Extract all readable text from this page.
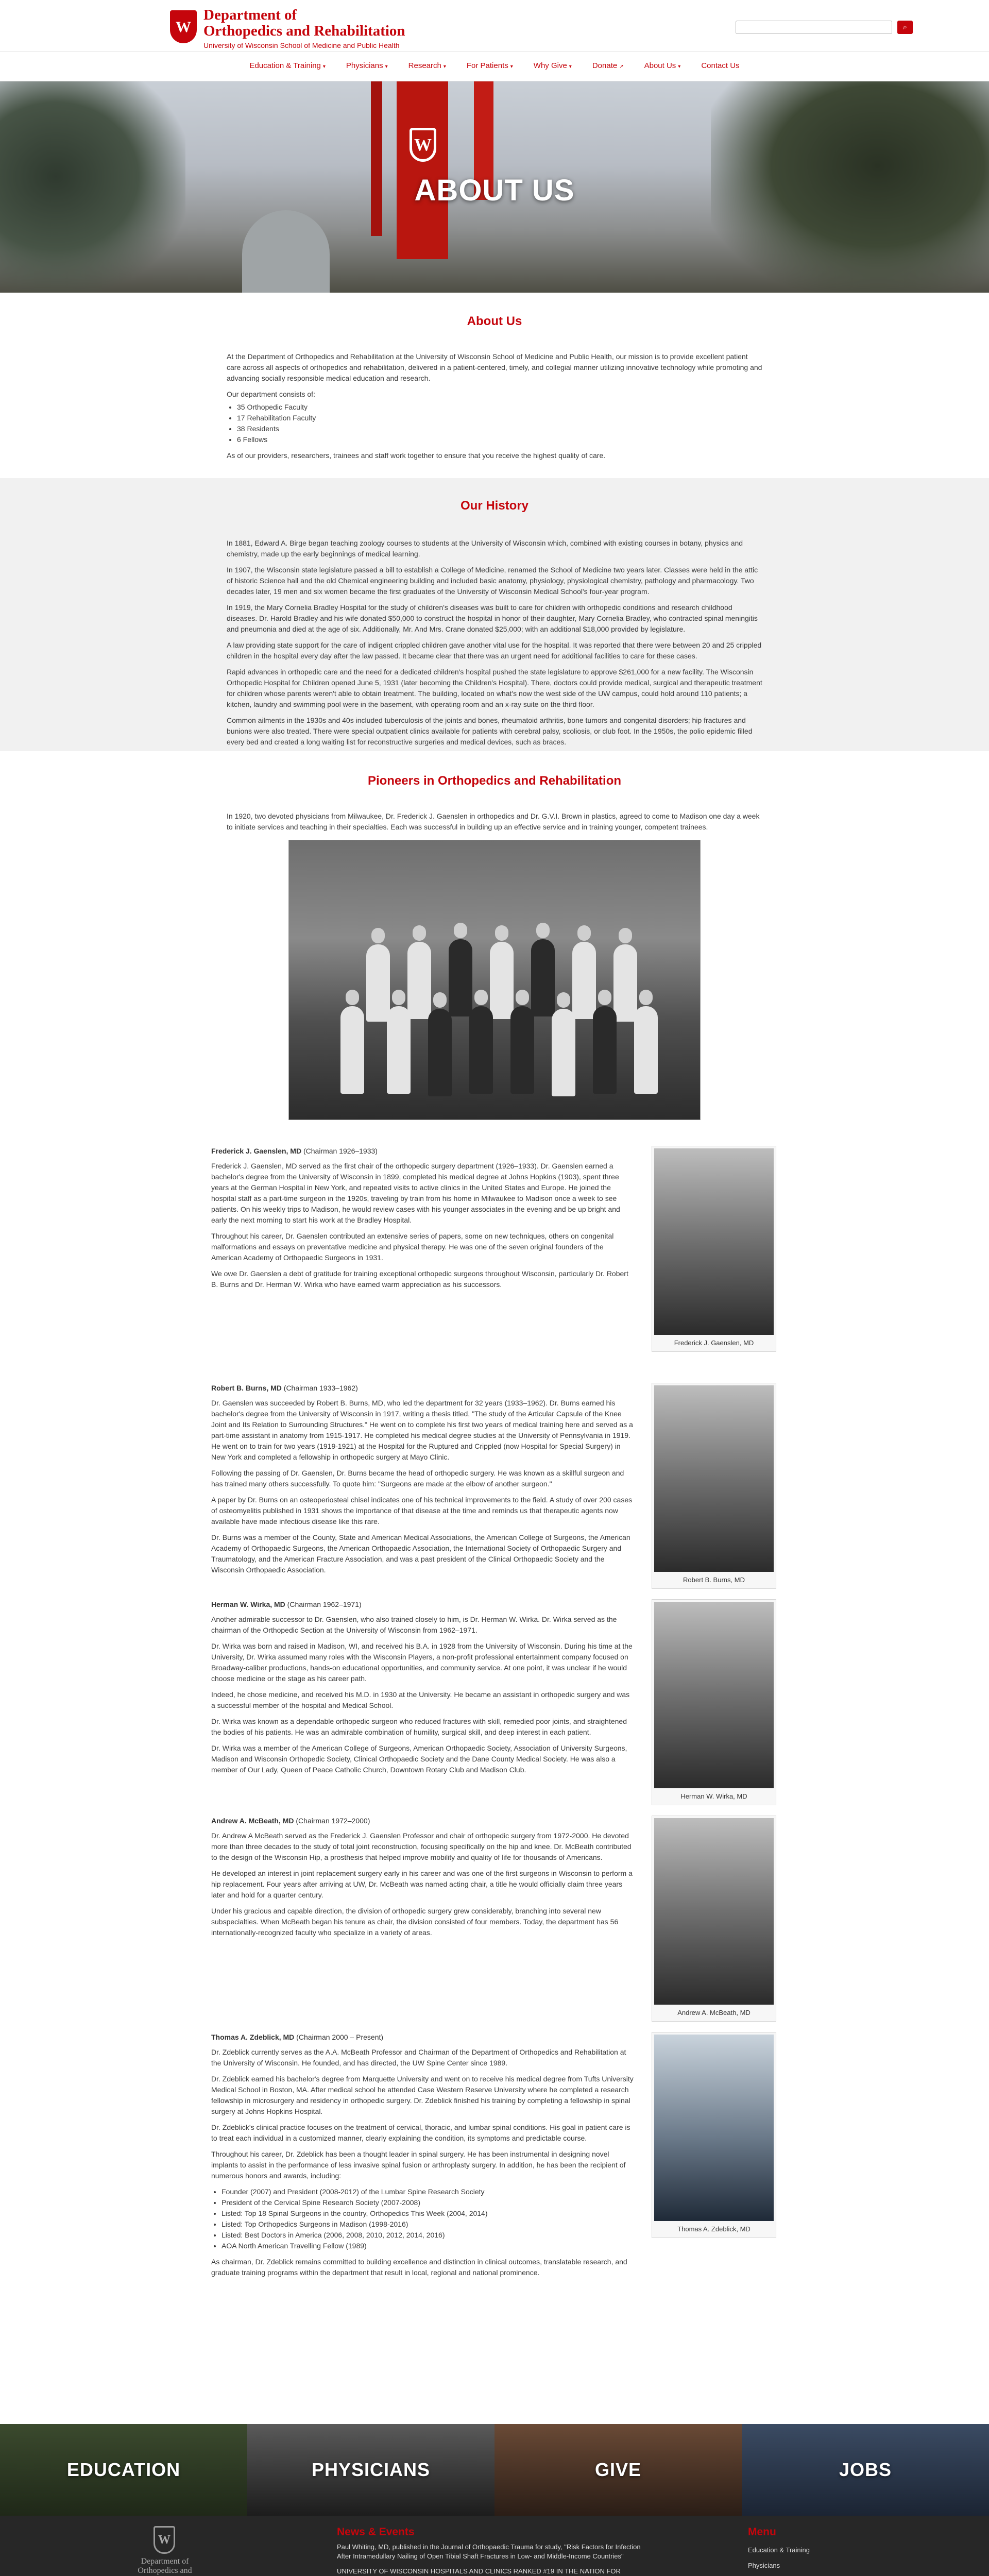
W
Department of
Orthopedics and Rehabilitation
University of Wisconsin School of Medicine and Public Health
⌕
Education & Training ▾	Physicians ▾	Research ▾	For Patients ▾	Why Give ▾	Donate ↗	About Us ▾	Contact Us
W
ABOUT US
About Us

At the Department of Orthopedics and Rehabilitation at the University of Wisconsin School of Medicine and Public Health, our mission is to provide excellent patient care across all aspects of orthopedics and rehabilitation, delivered in a patient-centered, timely, and collegial manner utilizing innovative technology while promoting and advancing socially responsible medical education and research.

Our department consists of:

• 35 Orthopedic Faculty
• 17 Rehabilitation Faculty
• 38 Residents
• 6 Fellows

As of our providers, researchers, trainees and staff work together to ensure that you receive the highest quality of care.

Our History

In 1881, Edward A. Birge began teaching zoology courses to students at the University of Wisconsin which, combined with existing courses in botany, physics and chemistry, made up the early beginnings of medical learning.

In 1907, the Wisconsin state legislature passed a bill to establish a College of Medicine, renamed the School of Medicine two years later. Classes were held in the attic of historic Science hall and the old Chemical engineering building and included basic anatomy, physiology, physiological chemistry, pathology and pharmacology. Two decades later, 19 men and six women became the first graduates of the University of Wisconsin Medical School's four-year program.

In 1919, the Mary Cornelia Bradley Hospital for the study of children's diseases was built to care for children with orthopedic conditions and research childhood diseases. Dr. Harold Bradley and his wife donated $50,000 to construct the hospital in honor of their daughter, Mary Cornelia Bradley, who contracted spinal meningitis and pneumonia and died at the age of six. Additionally, Mr. And Mrs. Crane donated $25,000; with an additional $18,000 provided by legislature.

A law providing state support for the care of indigent crippled children gave another vital use for the hospital. It was reported that there were between 20 and 25 crippled children in the hospital every day after the law passed. It became clear that there was an urgent need for additional facilities to care for these cases.

Rapid advances in orthopedic care and the need for a dedicated children's hospital pushed the state legislature to approve $261,000 for a new facility. The Wisconsin Orthopedic Hospital for Children opened June 5, 1931 (later becoming the Children's Hospital). There, doctors could provide medical, surgical and therapeutic treatment for children whose parents weren't able to obtain treatment. The building, located on what's now the west side of the UW campus, could hold around 110 patients; a kitchen, laundry and swimming pool were in the basement, with operating room and an x-ray suite on the third floor.

Common ailments in the 1930s and 40s included tuberculosis of the joints and bones, rheumatoid arthritis, bone tumors and congenital disorders; hip fractures and bunions were also treated. There were special outpatient clinics available for patients with cerebral palsy, scoliosis, or club foot. In the 1950s, the polio epidemic filled every bed and created a long waiting list for reconstructive surgeries and medical devices, such as braces.

Pioneers in Orthopedics and Rehabilitation

In 1920, two devoted physicians from Milwaukee, Dr. Frederick J. Gaenslen in orthopedics and Dr. G.V.I. Brown in plastics, agreed to come to Madison one day a week to initiate services and teaching in their specialties. Each was successful in building up an effective service and in training younger, competent trainees.

Frederick J. Gaenslen, MD (Chairman 1926–1933)

Frederick J. Gaenslen, MD served as the first chair of the orthopedic surgery department (1926–1933). Dr. Gaenslen earned a bachelor's degree from the University of Wisconsin in 1899, completed his medical degree at Johns Hopkins (1903), spent three years at the German Hospital in New York, and repeated visits to active clinics in the United States and Europe. He joined the hospital staff as a part-time surgeon in the 1920s, traveling by train from his home in Milwaukee to Madison once a week to see patients. On his weekly trips to Madison, he would review cases with his younger associates in the evening and be up bright and early the next morning to start his work at the Bradley Hospital.

Throughout his career, Dr. Gaenslen contributed an extensive series of papers, some on new techniques, others on congenital malformations and essays on preventative medicine and physical therapy. He was one of the seven original founders of the American Academy of Orthopaedic Surgeons in 1931.

We owe Dr. Gaenslen a debt of gratitude for training exceptional orthopedic surgeons throughout Wisconsin, particularly Dr. Robert B. Burns and Dr. Herman W. Wirka who have earned warm appreciation as his successors.

Frederick J. Gaenslen, MD
Robert B. Burns, MD (Chairman 1933–1962)

Dr. Gaenslen was succeeded by Robert B. Burns, MD, who led the department for 32 years (1933–1962). Dr. Burns earned his bachelor's degree from the University of Wisconsin in 1917, writing a thesis titled, "The study of the Articular Capsule of the Knee Joint and Its Relation to Surrounding Structures." He went on to complete his first two years of medical training here and served as a part-time assistant in anatomy from 1915-1917. He completed his medical degree studies at the University of Pennsylvania in 1919. He went on to train for two years (1919-1921) at the Hospital for the Ruptured and Crippled (now Hospital for Special Surgery) in New York and completed a fellowship in orthopedic surgery at Mayo Clinic.

Following the passing of Dr. Gaenslen, Dr. Burns became the head of orthopedic surgery. He was known as a skillful surgeon and has trained many others successfully. To quote him: "Surgeons are made at the elbow of another surgeon."

A paper by Dr. Burns on an osteoperiosteal chisel indicates one of his technical improvements to the field. A study of over 200 cases of osteomyelitis published in 1931 shows the importance of that disease at the time and reminds us that therapeutic agents now available have made infectious disease like this rare.

Dr. Burns was a member of the County, State and American Medical Associations, the American College of Surgeons, the American Academy of Orthopaedic Surgeons, the American Orthopaedic Association, the International Society of Orthopaedic Surgery and Traumatology, and the American Fracture Association, and was a past president of the Clinical Orthopaedic Society and the Wisconsin Orthopaedic Association.

Robert B. Burns, MD
Herman W. Wirka, MD (Chairman 1962–1971)

Another admirable successor to Dr. Gaenslen, who also trained closely to him, is Dr. Herman W. Wirka. Dr. Wirka served as the chairman of the Orthopedic Section at the University of Wisconsin from 1962–1971.

Dr. Wirka was born and raised in Madison, WI, and received his B.A. in 1928 from the University of Wisconsin. During his time at the University, Dr. Wirka assumed many roles with the Wisconsin Players, a non-profit professional entertainment company focused on Broadway-caliber productions, hands-on educational opportunities, and community service. At one point, it was unclear if he would choose medicine or the stage as his career path.

Indeed, he chose medicine, and received his M.D. in 1930 at the University. He became an assistant in orthopedic surgery and was a successful member of the hospital and Medical School.

Dr. Wirka was known as a dependable orthopedic surgeon who reduced fractures with skill, remedied poor joints, and straightened the bodies of his patients. He was an admirable combination of humility, surgical skill, and deep interest in each patient.

Dr. Wirka was a member of the American College of Surgeons, American Orthopaedic Society, Association of University Surgeons, Madison and Wisconsin Orthopedic Society, Clinical Orthopaedic Society and the Dane County Medical Society. He was also a member of Our Lady, Queen of Peace Catholic Church, Downtown Rotary Club and Madison Club.

Herman W. Wirka, MD
Andrew A. McBeath, MD (Chairman 1972–2000)

Dr. Andrew A McBeath served as the Frederick J. Gaenslen Professor and chair of orthopedic surgery from 1972-2000. He devoted more than three decades to the study of total joint reconstruction, focusing specifically on the hip and knee. Dr. McBeath contributed to the design of the Wisconsin Hip, a prosthesis that helped improve mobility and quality of life for thousands of Americans.

He developed an interest in joint replacement surgery early in his career and was one of the first surgeons in Wisconsin to perform a hip replacement. Four years after arriving at UW, Dr. McBeath was named acting chair, a title he would officially claim three years later and hold for a quarter century.

Under his gracious and capable direction, the division of orthopedic surgery grew considerably, branching into several new subspecialties. When McBeath began his tenure as chair, the division consisted of four members. Today, the department has 56 internationally-recognized faculty who specialize in a variety of areas.

Andrew A. McBeath, MD
Thomas A. Zdeblick, MD (Chairman 2000 – Present)

Dr. Zdeblick currently serves as the A.A. McBeath Professor and Chairman of the Department of Orthopedics and Rehabilitation at the University of Wisconsin. He founded, and has directed, the UW Spine Center since 1989.

Dr. Zdeblick earned his bachelor's degree from Marquette University and went on to receive his medical degree from Tufts University Medical School in Boston, MA. After medical school he attended Case Western Reserve University where he completed a research fellowship in microsurgery and residency in orthopedic surgery. Dr. Zdeblick finished his training by completing a fellowship in spinal surgery at Johns Hopkins Hospital.

Dr. Zdeblick's clinical practice focuses on the treatment of cervical, thoracic, and lumbar spinal conditions. His goal in patient care is to treat each individual in a customized manner, clearly explaining the condition, its symptoms and predictable course.

Throughout his career, Dr. Zdeblick has been a thought leader in spinal surgery. He has been instrumental in designing novel implants to assist in the performance of less invasive spinal fusion or arthroplasty surgery. In addition, he has been the recipient of numerous honors and awards, including:

• Founder (2007) and President (2008-2012) of the Lumbar Spine Research Society
• President of the Cervical Spine Research Society (2007-2008)
• Listed: Top 18 Spinal Surgeons in the country, Orthopedics This Week (2004, 2014)
• Listed: Top Orthopedics Surgeons in Madison (1998-2016)
• Listed: Best Doctors in America (2006, 2008, 2010, 2012, 2014, 2016)
• AOA North American Travelling Fellow (1989)

As chairman, Dr. Zdeblick remains committed to building excellence and distinction in clinical outcomes, translatable research, and graduate training programs within the department that result in local, regional and national prominence.

Thomas A. Zdeblick, MD
EDUCATION	PHYSICIANS	GIVE	JOBS
W
Department of
Orthopedics and
News & Events

Paul Whiting, MD, published in the Journal of Orthopaedic Trauma for study, "Risk Factors for Infection After Intramedullary Nailing of Open Tibial Shaft Fractures in Low- and Middle-Income Countries"

UNIVERSITY OF WISCONSIN HOSPITALS AND CLINICS RANKED #19 IN THE NATION FOR

Menu
Education & Training
Physicians
